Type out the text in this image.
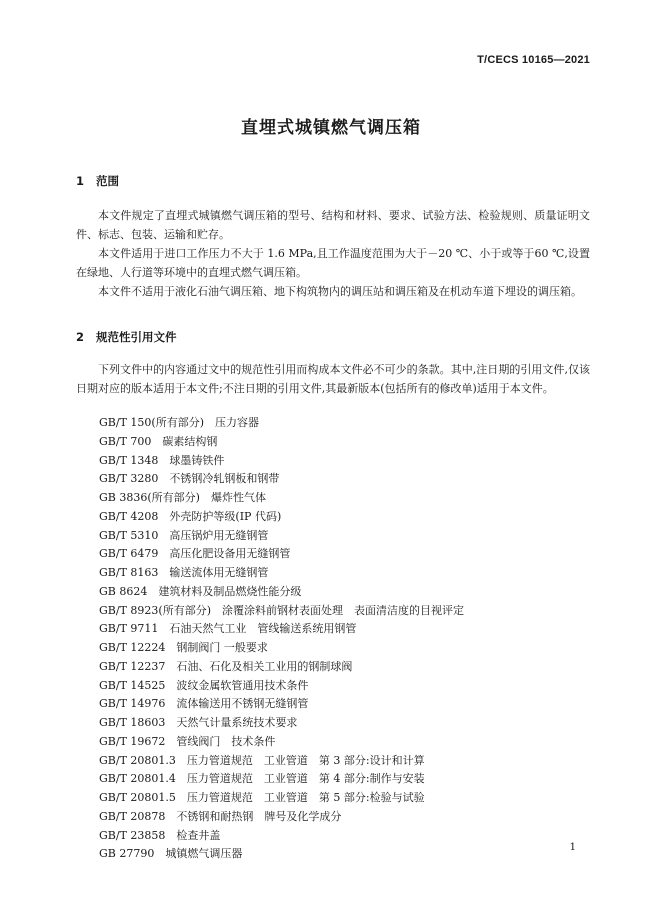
T/CECS 10165—2021
直埋式城镇燃气调压箱
1 范围

本文件规定了直埋式城镇燃气调压箱的型号、结构和材料、要求、试验方法、检验规则、质量证明文件、标志、包装、运输和贮存。

本文件适用于进口工作压力不大于 1.6 MPa,且工作温度范围为大于－20 ℃、小于或等于60 ℃,设置在绿地、人行道等环境中的直埋式燃气调压箱。

本文件不适用于液化石油气调压箱、地下构筑物内的调压站和调压箱及在机动车道下埋设的调压箱。

2 规范性引用文件

下列文件中的内容通过文中的规范性引用而构成本文件必不可少的条款。其中,注日期的引用文件,仅该日期对应的版本适用于本文件;不注日期的引用文件,其最新版本(包括所有的修改单)适用于本文件。

GB/T 150(所有部分)　压力容器
GB/T 700　碳素结构钢
GB/T 1348　球墨铸铁件
GB/T 3280　不锈钢冷轧钢板和钢带
GB 3836(所有部分)　爆炸性气体
GB/T 4208　外壳防护等级(IP 代码)
GB/T 5310　高压锅炉用无缝钢管
GB/T 6479　高压化肥设备用无缝钢管
GB/T 8163　输送流体用无缝钢管
GB 8624　建筑材料及制品燃烧性能分级
GB/T 8923(所有部分)　涂覆涂料前钢材表面处理　表面清洁度的目视评定
GB/T 9711　石油天然气工业　管线输送系统用钢管
GB/T 12224　钢制阀门 一般要求
GB/T 12237　石油、石化及相关工业用的钢制球阀
GB/T 14525　波纹金属软管通用技术条件
GB/T 14976　流体输送用不锈钢无缝钢管
GB/T 18603　天然气计量系统技术要求
GB/T 19672　管线阀门　技术条件
GB/T 20801.3　压力管道规范　工业管道　第 3 部分:设计和计算
GB/T 20801.4　压力管道规范　工业管道　第 4 部分:制作与安装
GB/T 20801.5　压力管道规范　工业管道　第 5 部分:检验与试验
GB/T 20878　不锈钢和耐热钢　牌号及化学成分
GB/T 23858　检查井盖
GB 27790　城镇燃气调压器	1
